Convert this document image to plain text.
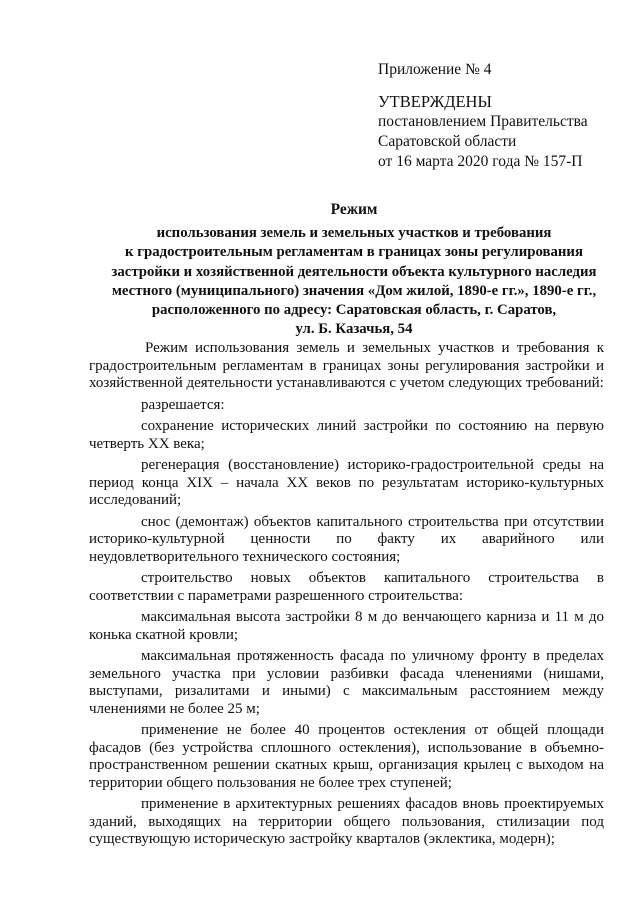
Приложение № 4
УТВЕРЖДЕНЫ
постановлением Правительства
Саратовской области
от 16 марта 2020 года № 157-П
Режим
использования земель и земельных участков и требования
к градостроительным регламентам в границах зоны регулирования
застройки и хозяйственной деятельности объекта культурного наследия
местного (муниципального) значения «Дом жилой, 1890-е гг.», 1890-е гг.,
расположенного по адресу: Саратовская область, г. Саратов,
ул. Б. Казачья, 54
Режим использования земель и земельных участков и требования к градостроительным регламентам в границах зоны регулирования застройки и хозяйственной деятельности устанавливаются с учетом следующих требований:
разрешается:
сохранение исторических линий застройки по состоянию на первую четверть XX века;
регенерация (восстановление) историко-градостроительной среды на период конца XIX – начала XX веков по результатам историко-культурных исследований;
снос (демонтаж) объектов капитального строительства при отсутствии историко-культурной ценности по факту их аварийного или неудовлетворительного технического состояния;
строительство новых объектов капитального строительства в соответствии с параметрами разрешенного строительства:
максимальная высота застройки 8 м до венчающего карниза и 11 м до конька скатной кровли;
максимальная протяженность фасада по уличному фронту в пределах земельного участка при условии разбивки фасада членениями (нишами, выступами, ризалитами и иными) с максимальным расстоянием между членениями не более 25 м;
применение не более 40 процентов остекления от общей площади фасадов (без устройства сплошного остекления), использование в объемно-пространственном решении скатных крыш, организация крылец с выходом на территории общего пользования не более трех ступеней;
применение в архитектурных решениях фасадов вновь проектируемых зданий, выходящих на территории общего пользования, стилизации под существующую историческую застройку кварталов (эклектика, модерн);
